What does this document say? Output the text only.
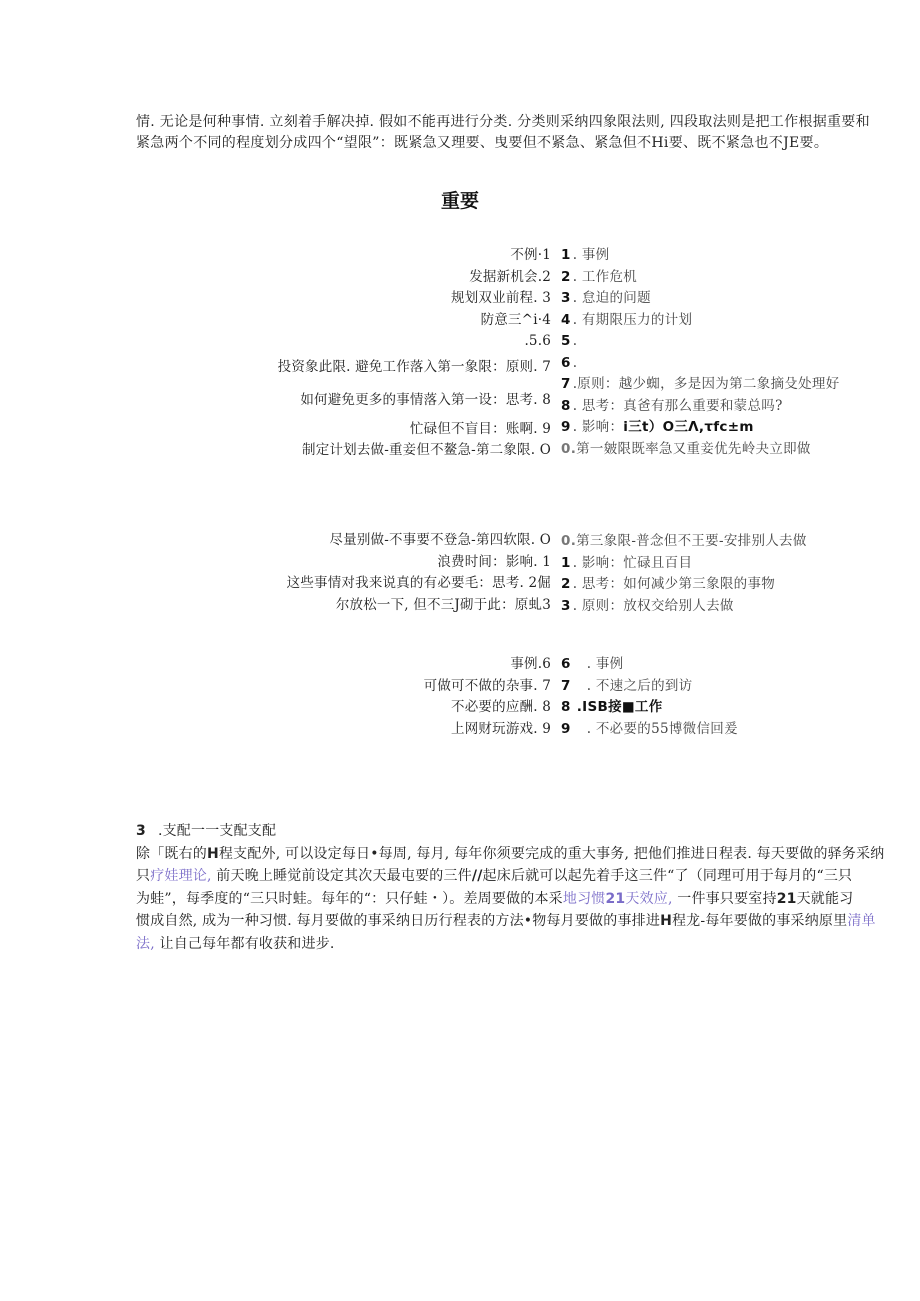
情. 无论是何种事情. 立刻着手解决掉. 假如不能再进行分类. 分类则采纳四象限法则, 四段取法则是把工作根据重要和

紧急两个不同的程度划分成四个“望限”：既紧急又理要、曳要但不紧急、紧急但不Hi要、既不紧急也不JE要。

重要
不例·1
发据新机会.2
规划双业前程. 3
防意三^i·4
.5.6
投资象此限. 避免工作落入第一象限：原则. 7
如何避免更多的事情落入第一设：思考. 8
忙碌但不盲目：账啊. 9
制定计划去做-重妾但不鳌急-第二象限. O
1 . 事例
2 . 工作危机
3 . 怠迫的问题
4 . 有期限压力的计划
5 .
6 .
7 .原则：越少蜘，多是因为第二象摘殳处理好
8 . 思考：真爸有那么重要和蒙总吗?
9 . 影响：i三t）O三Λ,τfc±m
0.第一皴限既率急又重妾优先岭夬立即做
尽量别做-不事要不登急-第四软限. O
浪费时间：影响. 1
这些事情对我来说真的有必要毛：思考. 2倔
尔放松一下, 但不三J砌于此：原虬3
0.第三象限-普念但不王要-安排别人去做
1 . 影响：忙碌且百目
2 . 思考：如何减少第三象限的事物
3 . 原则：放权交给别人去做
事例.6
可做可不做的杂事. 7
不必要的应酬. 8
上网财玩游戏. 9
6 . 事例
7 . 不速之后的到访
8 .ISB接■工作
9 . 不必要的55博微信回爰

3 .支配一一支配支配

除「既右的H程支配外, 可以设定每日•每周, 每月, 每年你须要完成的重大事务, 把他们推进日程表. 每天要做的驿务采纳

只疗娃理论, 前天晚上睡觉前设定其次天最屯要的三件//起床后就可以起先着手这三件“了（同理可用于每月的“三只

为蛙”，每季度的“三只时蛙。每年的“：只仔蛙・）。差周要做的本采地习惯21天效应, 一件事只要室持21天就能习

惯成自然, 成为一种习惯. 每月要做的事采纳日历行程表的方法•物每月要做的事排进H程龙-每年要做的事采纳原里清单

法, 让自己每年都有收获和进步.
